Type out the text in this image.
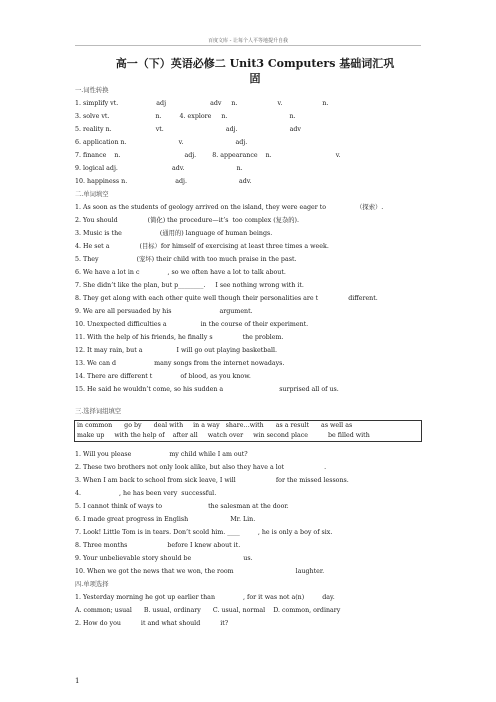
百度文库 - 让每个人平等地提升自我
高一（下）英语必修二 Unit3 Computers 基础词汇巩
固
一.词性转换
1. simplify vt.                   adj                      adv     n.                    v.                    n.
3. solve vt.                       n.         4. explore     n.                               n.
5. reality n.                      vt.                               adj.                          adv
6. application n.                          v.                          adj.
7. finance    n.                                adj.        8. appearance    n.                                v.
9. logical adj.                           adv.                          n.
10. happiness n.                        adj.                          adv.
二.单词填空
1. As soon as the students of geology arrived on the island, they were eager to               （探索）.
2. You should               (简化) the procedure—it’s  too complex (复杂的).
3. Music is the                   (通用的) language of human beings.
4. He set a               (目标）for himself of exercising at least three times a week.
5. They                   (宠坏) their child with too much praise in the past.
6. We have a lot in c              , so we often have a lot to talk about.
7. She didn’t like the plan, but p________.     I see nothing wrong with it.
8. They get along with each other quite well though their personalities are t               different.
9. We are all persuaded by his                        argument.
10. Unexpected difficulties a                 in the course of their experiment.
11. With the help of his friends, he finally s               the problem.
12. It may rain, but a                 I will go out playing basketball.
13. We can d                   many songs from the internet nowadays.
14. There are different t              of blood, as you know.
15. He said he wouldn’t come, so his sudden a                            surprised all of us.
三.选择词组填空
in common      go by      deal with     in a way   share…with      as a result      as well as
make up     with the help of    after all     watch over     win second place          be filled with
1. Will you please                   my child while I am out?
2. These two brothers not only look alike, but also they have a lot                    .
3. When I am back to school from sick leave, I will                    for the missed lessons.
4.                   , he has been very  successful.
5. I cannot think of ways to                       the salesman at the door.
6. I made great progress in English                     Mr. Lin.
7. Look! Little Tom is in tears. Don’t scold him. ____         , he is only a boy of six.
8. Three months                    before I knew about it.
9. Your unbelievable story should be                          us.
10. When we got the news that we won, the room                               laughter.
四.单项选择
1. Yesterday morning he got up earlier than              , for it was not a(n)         day.
A. common; usual      B. usual, ordinary      C. usual, normal    D. common, ordinary
2. How do you          it and what should          it?
1
